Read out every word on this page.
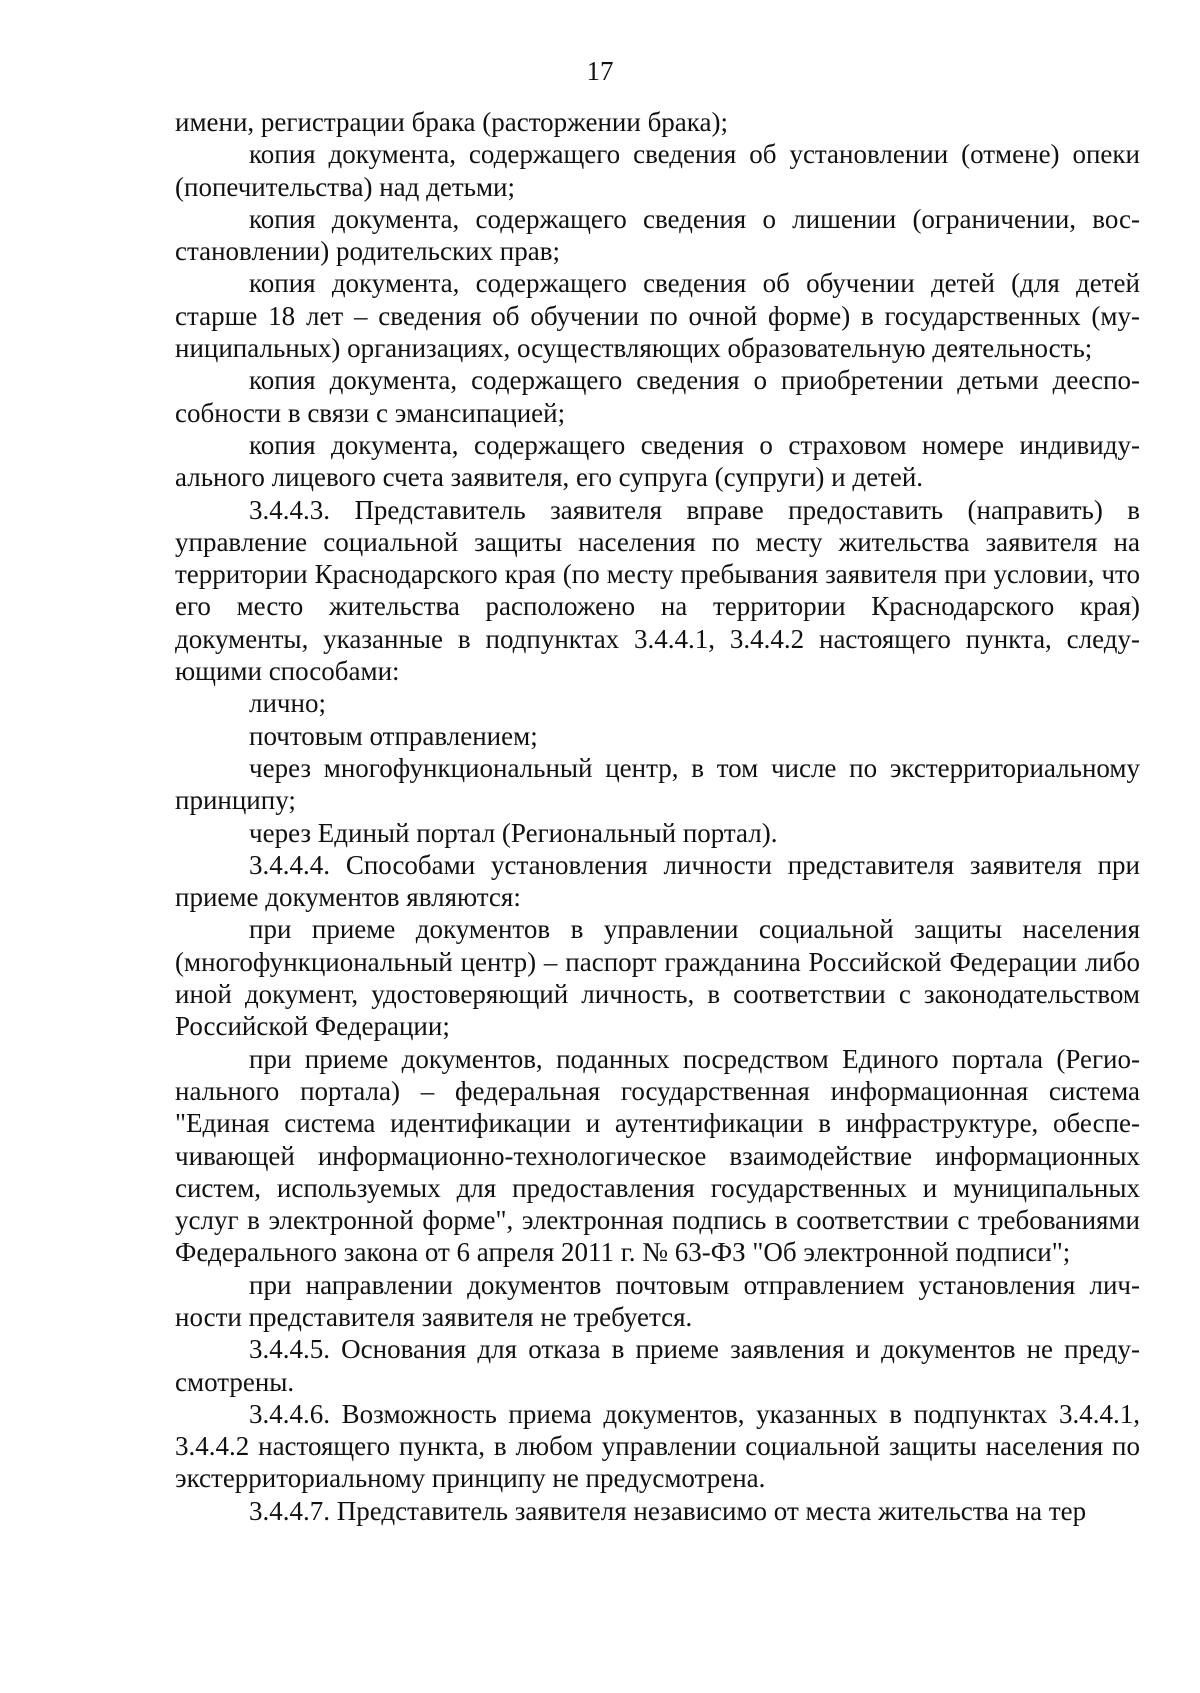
17

имени, регистрации брака (расторжении брака);

копия документа, содержащего сведения об установлении (отмене) опеки (попечительства) над детьми;

копия документа, содержащего сведения о лишении (ограничении, восстановлении) родительских прав;

копия документа, содержащего сведения об обучении детей (для детей старше 18 лет – сведения об обучении по очной форме) в государственных (муниципальных) организациях, осуществляющих образовательную деятельность;

копия документа, содержащего сведения о приобретении детьми дееспособности в связи с эмансипацией;

копия документа, содержащего сведения о страховом номере индивидуального лицевого счета заявителя, его супруга (супруги) и детей.

3.4.4.3. Представитель заявителя вправе предоставить (направить) в управление социальной защиты населения по месту жительства заявителя на территории Краснодарского края (по месту пребывания заявителя при условии, что его место жительства расположено на территории Краснодарского края) документы, указанные в подпунктах 3.4.4.1, 3.4.4.2 настоящего пункта, следующими способами:

лично;

почтовым отправлением;

через многофункциональный центр, в том числе по экстерриториальному принципу;

через Единый портал (Региональный портал).

3.4.4.4. Способами установления личности представителя заявителя при приеме документов являются:

при приеме документов в управлении социальной защиты населения (многофункциональный центр) – паспорт гражданина Российской Федерации либо иной документ, удостоверяющий личность, в соответствии с законодательством Российской Федерации;

при приеме документов, поданных посредством Единого портала (Регионального портала) – федеральная государственная информационная система "Единая система идентификации и аутентификации в инфраструктуре, обеспечивающей информационно-технологическое взаимодействие информационных систем, используемых для предоставления государственных и муниципальных услуг в электронной форме", электронная подпись в соответствии с требованиями Федерального закона от 6 апреля 2011 г. № 63-ФЗ "Об электронной подписи";

при направлении документов почтовым отправлением установления личности представителя заявителя не требуется.

3.4.4.5. Основания для отказа в приеме заявления и документов не предусмотрены.

3.4.4.6. Возможность приема документов, указанных в подпунктах 3.4.4.1, 3.4.4.2 настоящего пункта, в любом управлении социальной защиты населения по экстерриториальному принципу не предусмотрена.

3.4.4.7. Представитель заявителя независимо от места жительства на тер
